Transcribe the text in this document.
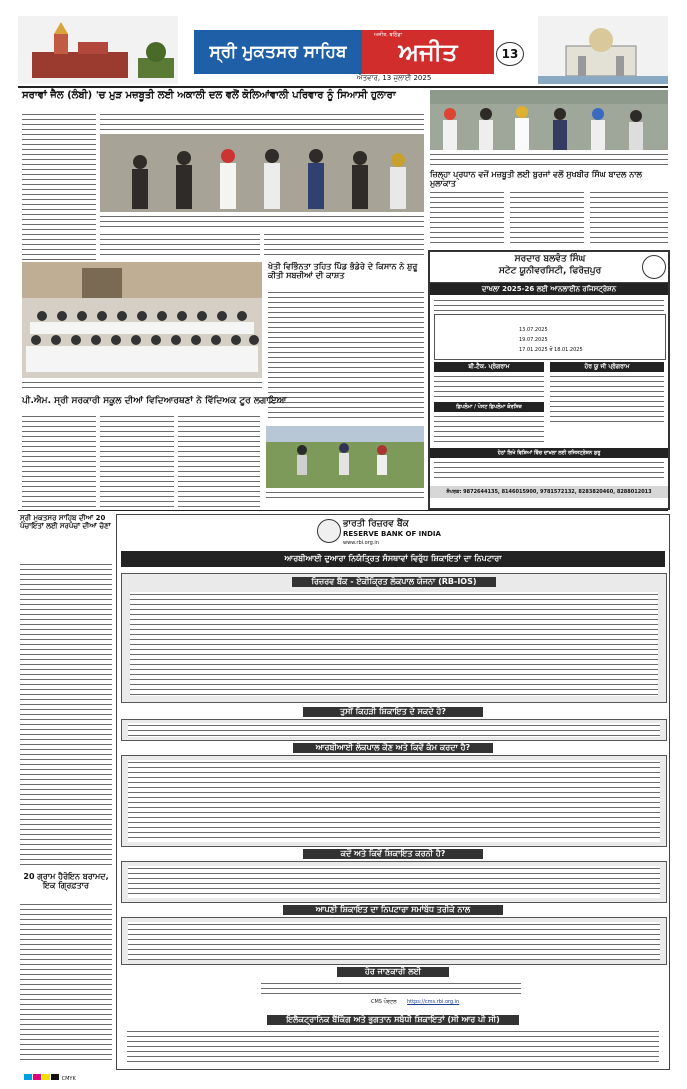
ਸ੍ਰੀ ਮੁਕਤਸਰ ਸਾਹਿਬ	ਅਜੀਤ
ਅਜੀਤ, ਬਠਿੰਡਾ
ਐਤਵਾਰ, 13 ਜੁਲਾਈ 2025
13
ਸਰਾਵਾਂ ਜੈਲ (ਲੰਬੀ) 'ਚ ਮੁੜ ਮਜ਼ਬੂਤੀ ਲਈ ਅਕਾਲੀ ਦਲ ਵਲੋਂ ਕੋਲਿਆਂਵਾਲੀ ਪਰਿਵਾਰ ਨੂੰ ਸਿਆਸੀ ਹੁਲਾਰਾ
ਜ਼ਿਲ੍ਹਾ ਪ੍ਰਧਾਨ ਵਜੋਂ ਮਜ਼ਬੂਤੀ ਲਈ ਬੁਰਜਾਂ ਵਲੋਂ ਸੁਖਬੀਰ ਸਿੰਘ ਬਾਦਲ ਨਾਲ ਮੁਲਾਕਾਤ
ਖੇਤੀ ਵਿਭਿੰਨਤਾ ਤਹਿਤ ਪਿੰਡ ਭੰਡੇਰੇ ਦੇ ਕਿਸਾਨ ਨੇ ਸ਼ੁਰੂ ਕੀਤੀ ਸਬਜ਼ੀਆਂ ਦੀ ਕਾਸ਼ਤ
ਪੀ.ਐਮ. ਸ੍ਰੀ ਸਰਕਾਰੀ ਸਕੂਲ ਦੀਆਂ ਵਿਦਿਆਰਥਣਾਂ ਨੇ ਵਿੱਦਿਅਕ ਟੂਰ ਲਗਾਇਆ
ਸਰਦਾਰ ਬਲਵੰਤ ਸਿੰਘ
ਸਟੇਟ ਯੂਨੀਵਰਸਿਟੀ, ਫਿਰੋਜ਼ਪੁਰ
ਦਾਖਲਾ 2025-26 ਲਈ ਆਨਲਾਈਨ ਰਜਿਸਟ੍ਰੇਸ਼ਨ
13.07.2025
19.07.2025
17.01.2025 ਤੋਂ 18.01.2025
ਬੀ.ਟੈਕ. ਪ੍ਰੋਗਰਾਮ	ਹੋਰ ਯੂ ਜੀ ਪ੍ਰੋਗਰਾਮ
ਡਿਪਲੋਮਾ / ਪੋਸਟ ਡਿਪਲੋਮਾ ਕੋਰਸਿਜ਼
ਹੇਠਾਂ ਲਿਖੇ ਵਿਸ਼ਿਆਂ ਵਿੱਚ ਦਾਖ਼ਲਾ ਲਈ ਰਜਿਸਟ੍ਰੇਸ਼ਨ ਸ਼ੁਰੂ
ਸੰਪਰਕ: 9872644135, 8146015900, 9781572132, 8283820460, 8288012013
ਸ੍ਰੀ ਮੁਕਤਸਰ ਸਾਹਿਬ ਦੀਆਂ 20 ਪੰਚਾਇਤਾਂ ਲਈ ਸਰਪੰਚਾਂ ਦੀਆਂ ਚੋਣਾਂ
20 ਗ੍ਰਾਮ ਹੈਰੋਇਨ ਬਰਾਮਦ, ਇਕ ਗ੍ਰਿਫ਼ਤਾਰ
ਭਾਰਤੀ ਰਿਜ਼ਰਵ ਬੈਂਕ
RESERVE BANK OF INDIA
www.rbi.org.in
ਆਰਬੀਆਈ ਦੁਆਰਾ ਨਿਯੰਤ੍ਰਿਤ ਸੰਸਥਾਵਾਂ ਵਿਰੁੱਧ ਸ਼ਿਕਾਇਤਾਂ ਦਾ ਨਿਪਟਾਰਾ
ਰਿਜ਼ਰਵ ਬੈਂਕ - ਏਕੀਕ੍ਰਿਤ ਲੋਕਪਾਲ ਯੋਜਨਾ (RB-IOS)
ਤੁਸੀਂ ਕਿਹੜੀ ਸ਼ਿਕਾਇਤ ਦੇ ਸਕਦੇ ਹੋ?
ਆਰਬੀਆਈ ਲੋਕਪਾਲ ਕੌਣ ਅਤੇ ਕਿਵੇਂ ਕੰਮ ਕਰਦਾ ਹੈ?
ਕਦੋਂ ਅਤੇ ਕਿਵੇਂ ਸ਼ਿਕਾਇਤ ਕਰਨੀ ਹੈ?
ਆਪਣੀ ਸ਼ਿਕਾਇਤ ਦਾ ਨਿਪਟਾਰਾ ਸਮਾਂਬੱਧ ਤਰੀਕੇ ਨਾਲ
ਹੋਰ ਜਾਣਕਾਰੀ ਲਈ
CMS ਪੋਰਟਲ https://cms.rbi.org.in
ਇਲੈਕਟ੍ਰਾਨਿਕ ਬੈਂਕਿੰਗ ਅਤੇ ਭੁਗਤਾਨ ਸਬੰਧੀ ਸ਼ਿਕਾਇਤਾਂ (ਸੀ ਆਰ ਪੀ ਸੀ)
CMYK
